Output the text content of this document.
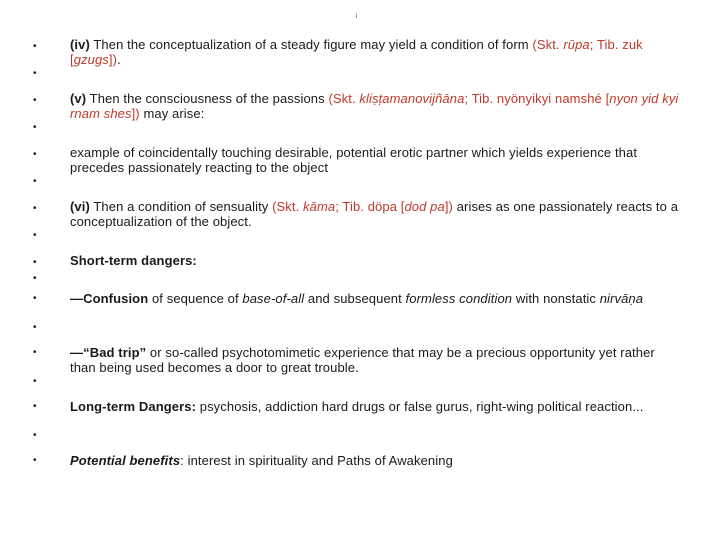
i
•	(iv) Then the conceptualization of a steady figure may yield a condition of form (Skt. rūpa; Tib. zuk [gzugs]).
•
•	(v) Then the consciousness of the passions (Skt. kliṣṭamanovijñāna; Tib. nyönyikyi namshé [nyon yid kyi rnam shes]) may arise:
•
•	example of coincidentally touching desirable, potential erotic partner which yields experience that precedes passionately reacting to the object
•
•	(vi) Then a condition of sensuality (Skt. kāma; Tib. döpa [dod pa]) arises as one passionately reacts to a conceptualization of the object.
•
•	Short-term dangers:
•
•	—Confusion of sequence of base-of-all and subsequent formless condition with nonstatic nirvāṇa
•
•	—“Bad trip” or so-called psychotomimetic experience that may be a precious opportunity yet rather than being used becomes a door to great trouble.
•
•	Long-term Dangers: psychosis, addiction hard drugs or false gurus, right-wing political reaction...
•
•	Potential benefits: interest in spirituality and Paths of Awakening
